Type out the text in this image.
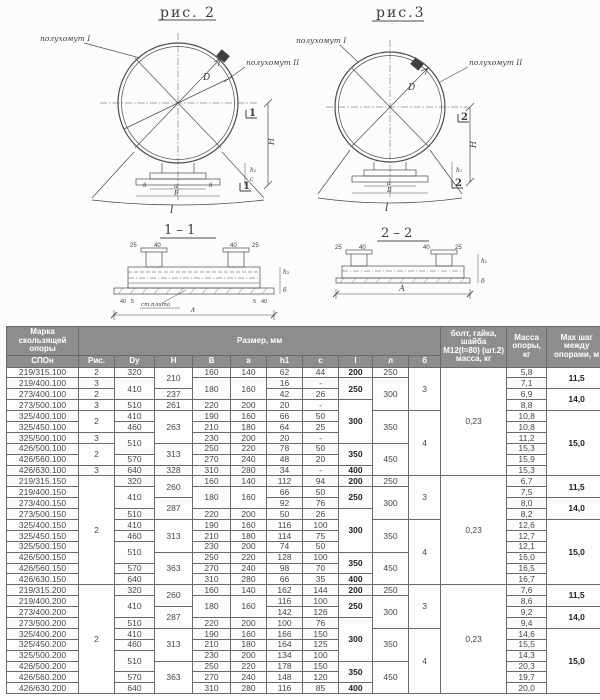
рис. 2
полухомут I
полухомут II
D
l
Н
h₁
с
а
В
б	б
1
1
рис.3
полухомут I
полухомут II
D
l
Н
h₁
а
В
2
2
1 – 1
25	40	40	25
h₂
б
40 5	5 40
ст.плита л
2 – 2
25	40	40	25
h₂
б
А
Марка скользящей опоры	Размер, мм										болт, гайка, шайба М12(l=80) (шт.2) масса, кг	Масса опоры, кг	Мах шаг между опорами, м
СПОн	Рис.	Dy	Н	В	а	h1	с	l	л	б			
219/315.100	2	320	210	160	140	62	44	200	250	3	0,23	5,8	11,5
219/400.100	3	410		180	160	16	-	250	300			7,1	
273/400.100	2		237			42	26					6,9	14,0
273/500.100	3	510	261	220	200	20	-	300				8,8	
325/400.100	2	410	263	190	160	66	50		350	4		10,8	15,0
325/450.100		460		210	180	64	25					10,8	
325/500.100	3	510		230	200	20	-					11,2	
426/500.100	2		313	250	220	78	50	350	450			15,3	
426/560.100		570		270	240	48	20					15,9	
426/630.100	3	640	328	310	280	34	-	400				15,3	
219/315.150	2	320	260	160	140	112	94	200	250	3	0,23	6,7	11,5
219/400.150		410		180	160	66	50	250	300			7,5	
273/400.150			287			92	76					8,0	14,0
273/500.150		510		220	200	50	26	300				8,2	
325/400.150		410	313	190	160	116	100		350	4		12,6	15,0
325/450.150		460		210	180	114	75					12,7	
325/500.150		510		230	200	74	50					12,1	
426/500.150			363	250	220	128	100	350	450			16,0	
426/560.150		570		270	240	98	70					16,5	
426/630.150		640		310	280	66	35	400				16,7	
219/315.200	2	320	260	160	140	162	144	200	250	3	0,23	7,6	11,5
219/400.200		410		180	160	116	100	250	300			8,6	
273/400.200			287			142	126					9,2	14,0
273/500.200		510		220	200	100	76	300				9,4	
325/400.200		410	313	190	160	166	150		350	4		14,6	15,0
325/450.200		460		210	180	164	125					15,5	
325/500.200		510		230	200	134	100					14,3	
426/500.200			363	250	220	178	150	350	450			20,3	
426/560.200		570		270	240	148	120					19,7	
426/630.200		640		310	280	116	85	400				20,0	
